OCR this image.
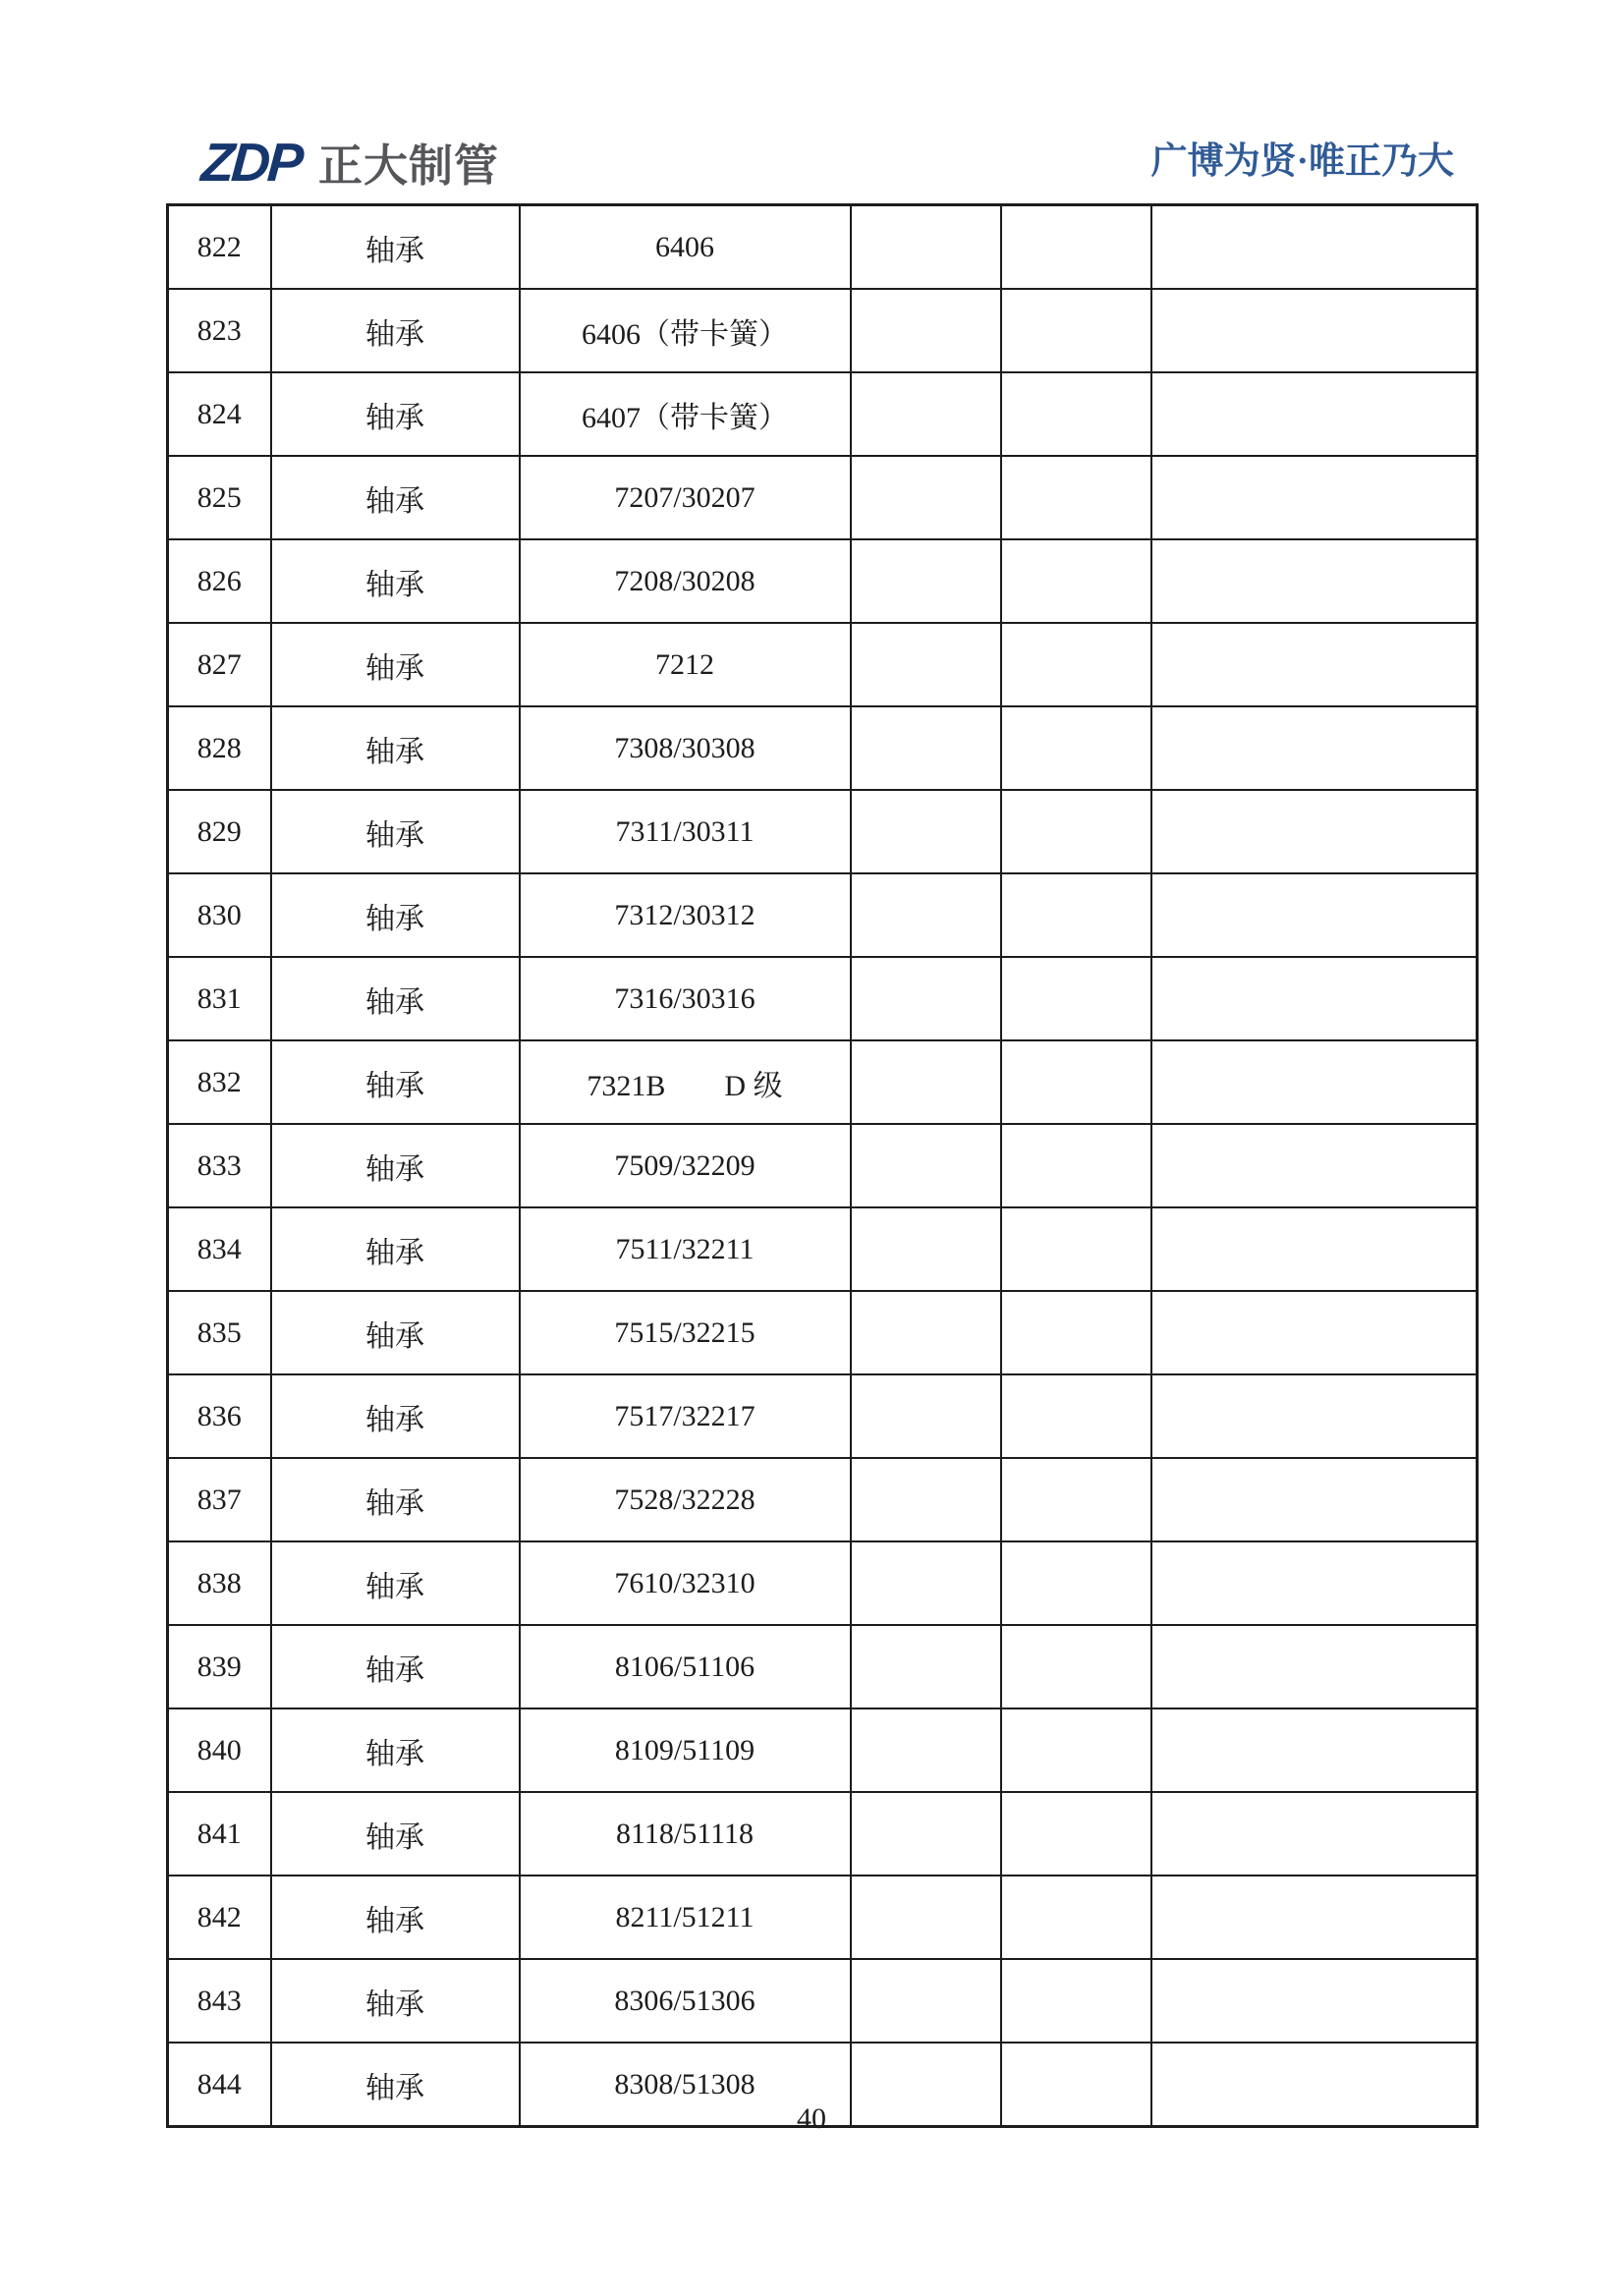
ZDP 正大制管	广博为贤·唯正乃大
822	轴承	6406			
823	轴承	6406（带卡簧）			
824	轴承	6407（带卡簧）			
825	轴承	7207/30207			
826	轴承	7208/30208			
827	轴承	7212			
828	轴承	7308/30308			
829	轴承	7311/30311			
830	轴承	7312/30312			
831	轴承	7316/30316			
832	轴承	7321B　　D 级			
833	轴承	7509/32209			
834	轴承	7511/32211			
835	轴承	7515/32215			
836	轴承	7517/32217			
837	轴承	7528/32228			
838	轴承	7610/32310			
839	轴承	8106/51106			
840	轴承	8109/51109			
841	轴承	8118/51118			
842	轴承	8211/51211			
843	轴承	8306/51306			
844	轴承	8308/51308			
40
